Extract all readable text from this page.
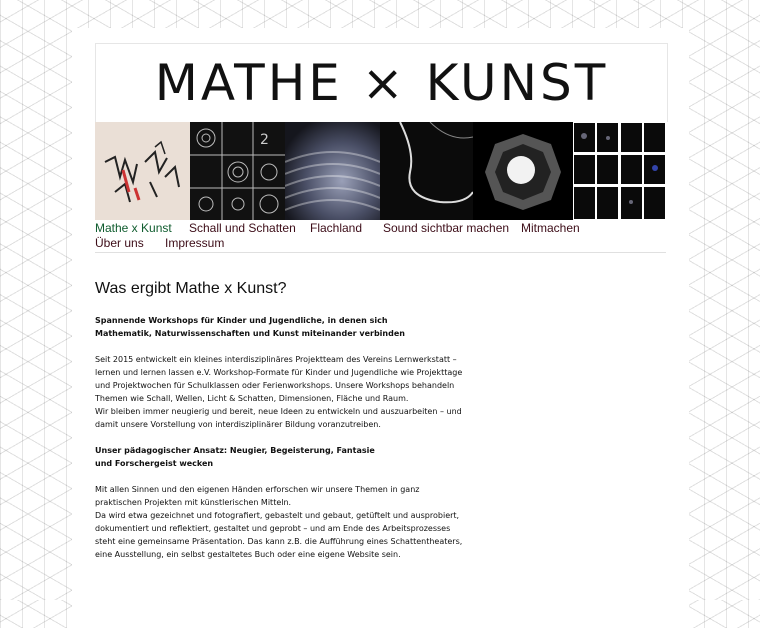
MATHE × KUNST
2
Mathe x Kunst	Schall und Schatten	Flachland	Sound sichtbar machen Mitmachen
Über uns	Impressum
Was ergibt Mathe x Kunst?

Spannende Workshops für Kinder und Jugendliche, in denen sich

Mathematik, Naturwissenschaften und Kunst miteinander verbinden

Seit 2015 entwickelt ein kleines interdisziplinäres Projektteam des Vereins Lernwerkstatt –

lernen und lernen lassen e.V. Workshop-Formate für Kinder und Jugendliche wie Projekttage

und Projektwochen für Schulklassen oder Ferienworkshops. Unsere Workshops behandeln

Themen wie Schall, Wellen, Licht & Schatten, Dimensionen, Fläche und Raum.

Wir bleiben immer neugierig und bereit, neue Ideen zu entwickeln und auszuarbeiten – und

damit unsere Vorstellung von interdisziplinärer Bildung voranzutreiben.

Unser pädagogischer Ansatz: Neugier, Begeisterung, Fantasie

und Forschergeist wecken

Mit allen Sinnen und den eigenen Händen erforschen wir unsere Themen in ganz

praktischen Projekten mit künstlerischen Mitteln.

Da wird etwa gezeichnet und fotografiert, gebastelt und gebaut, getüftelt und ausprobiert,

dokumentiert und reflektiert, gestaltet und geprobt – und am Ende des Arbeitsprozesses

steht eine gemeinsame Präsentation. Das kann z.B. die Aufführung eines Schattentheaters,

eine Ausstellung, ein selbst gestaltetes Buch oder eine eigene Website sein.
